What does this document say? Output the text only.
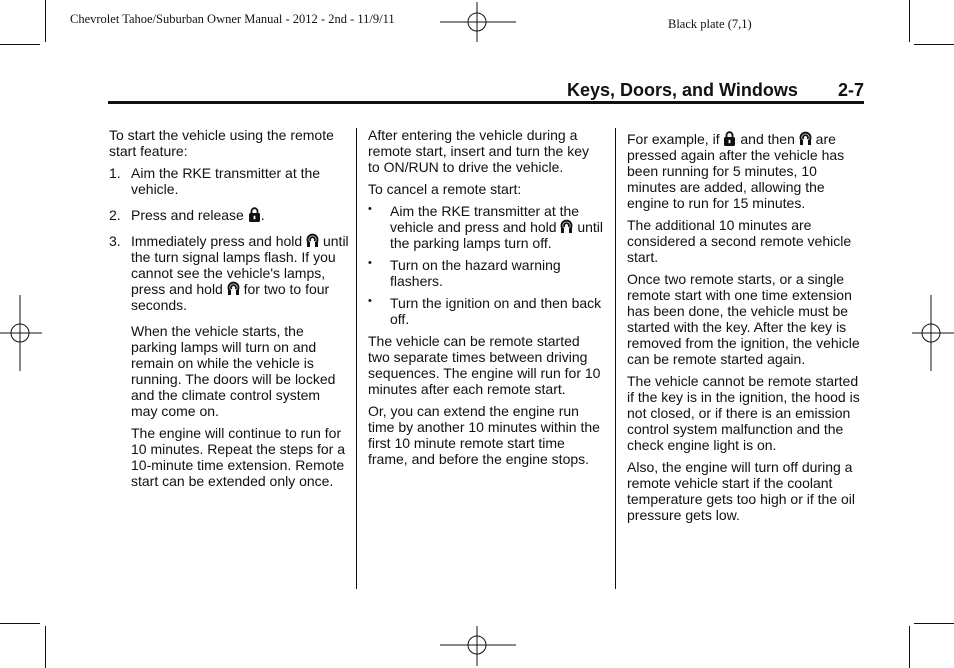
Chevrolet Tahoe/Suburban Owner Manual - 2012 - 2nd - 11/9/11	Black plate (7,1)
Keys, Doors, and Windows 2-7

To start the vehicle using the remote start feature:

1. Aim the RKE transmitter at the vehicle.
2. Press and release .
3. Immediately press and hold until the turn signal lamps flash. If you cannot see the vehicle's lamps, press and hold for two to four seconds.

When the vehicle starts, the parking lamps will turn on and remain on while the vehicle is running. The doors will be locked and the climate control system may come on.

The engine will continue to run for 10 minutes. Repeat the steps for a 10-minute time extension. Remote start can be extended only once.

After entering the vehicle during a remote start, insert and turn the key to ON/RUN to drive the vehicle.

To cancel a remote start:

• Aim the RKE transmitter at the vehicle and press and hold until the parking lamps turn off.
• Turn on the hazard warning flashers.
• Turn the ignition on and then back off.

The vehicle can be remote started two separate times between driving sequences. The engine will run for 10 minutes after each remote start.

Or, you can extend the engine run time by another 10 minutes within the first 10 minute remote start time frame, and before the engine stops.

For example, if and then are pressed again after the vehicle has been running for 5 minutes, 10 minutes are added, allowing the engine to run for 15 minutes.

The additional 10 minutes are considered a second remote vehicle start.

Once two remote starts, or a single remote start with one time extension has been done, the vehicle must be started with the key. After the key is removed from the ignition, the vehicle can be remote started again.

The vehicle cannot be remote started if the key is in the ignition, the hood is not closed, or if there is an emission control system malfunction and the check engine light is on.

Also, the engine will turn off during a remote vehicle start if the coolant temperature gets too high or if the oil pressure gets low.
